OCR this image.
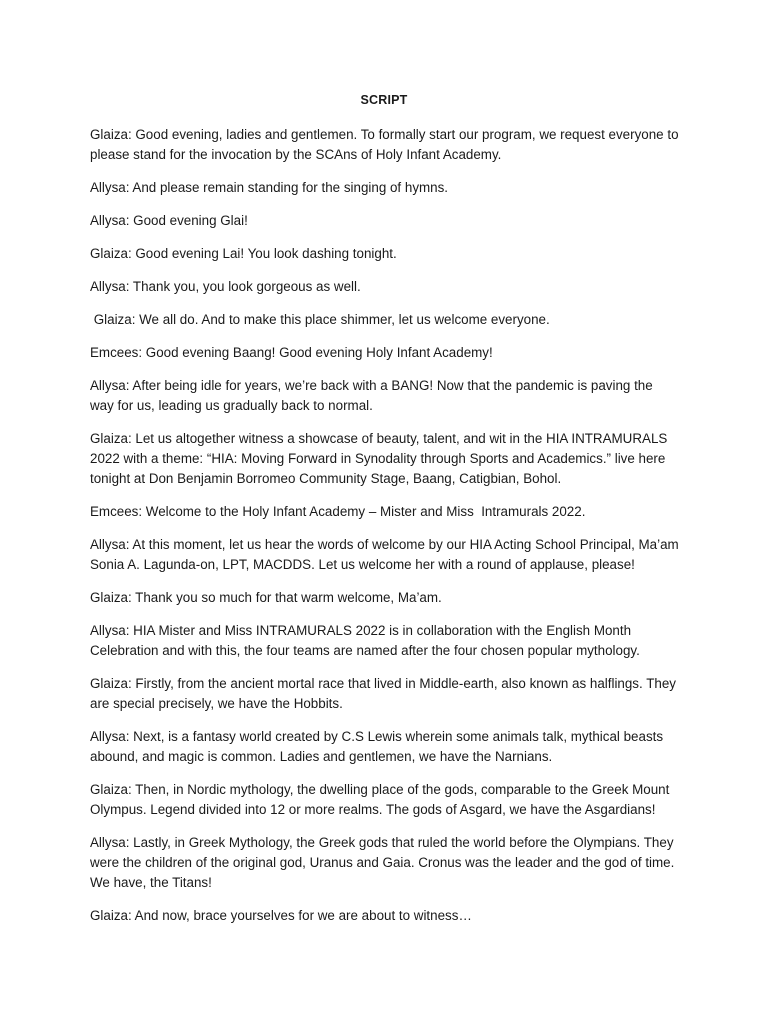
SCRIPT

Glaiza: Good evening, ladies and gentlemen. To formally start our program, we request everyone to please stand for the invocation by the SCAns of Holy Infant Academy.

Allysa: And please remain standing for the singing of hymns.

Allysa: Good evening Glai!

Glaiza: Good evening Lai! You look dashing tonight.

Allysa: Thank you, you look gorgeous as well.

Glaiza: We all do. And to make this place shimmer, let us welcome everyone.

Emcees: Good evening Baang! Good evening Holy Infant Academy!

Allysa: After being idle for years, we’re back with a BANG! Now that the pandemic is paving the way for us, leading us gradually back to normal.

Glaiza: Let us altogether witness a showcase of beauty, talent, and wit in the HIA INTRAMURALS 2022 with a theme: “HIA: Moving Forward in Synodality through Sports and Academics.” live here tonight at Don Benjamin Borromeo Community Stage, Baang, Catigbian, Bohol.

Emcees: Welcome to the Holy Infant Academy – Mister and Miss  Intramurals 2022.

Allysa: At this moment, let us hear the words of welcome by our HIA Acting School Principal, Ma’am Sonia A. Lagunda-on, LPT, MACDDS. Let us welcome her with a round of applause, please!

Glaiza: Thank you so much for that warm welcome, Ma’am.

Allysa: HIA Mister and Miss INTRAMURALS 2022 is in collaboration with the English Month Celebration and with this, the four teams are named after the four chosen popular mythology.

Glaiza: Firstly, from the ancient mortal race that lived in Middle-earth, also known as halflings. They are special precisely, we have the Hobbits.

Allysa: Next, is a fantasy world created by C.S Lewis wherein some animals talk, mythical beasts abound, and magic is common. Ladies and gentlemen, we have the Narnians.

Glaiza: Then, in Nordic mythology, the dwelling place of the gods, comparable to the Greek Mount Olympus. Legend divided into 12 or more realms. The gods of Asgard, we have the Asgardians!

Allysa: Lastly, in Greek Mythology, the Greek gods that ruled the world before the Olympians. They were the children of the original god, Uranus and Gaia. Cronus was the leader and the god of time. We have, the Titans!

Glaiza: And now, brace yourselves for we are about to witness…
